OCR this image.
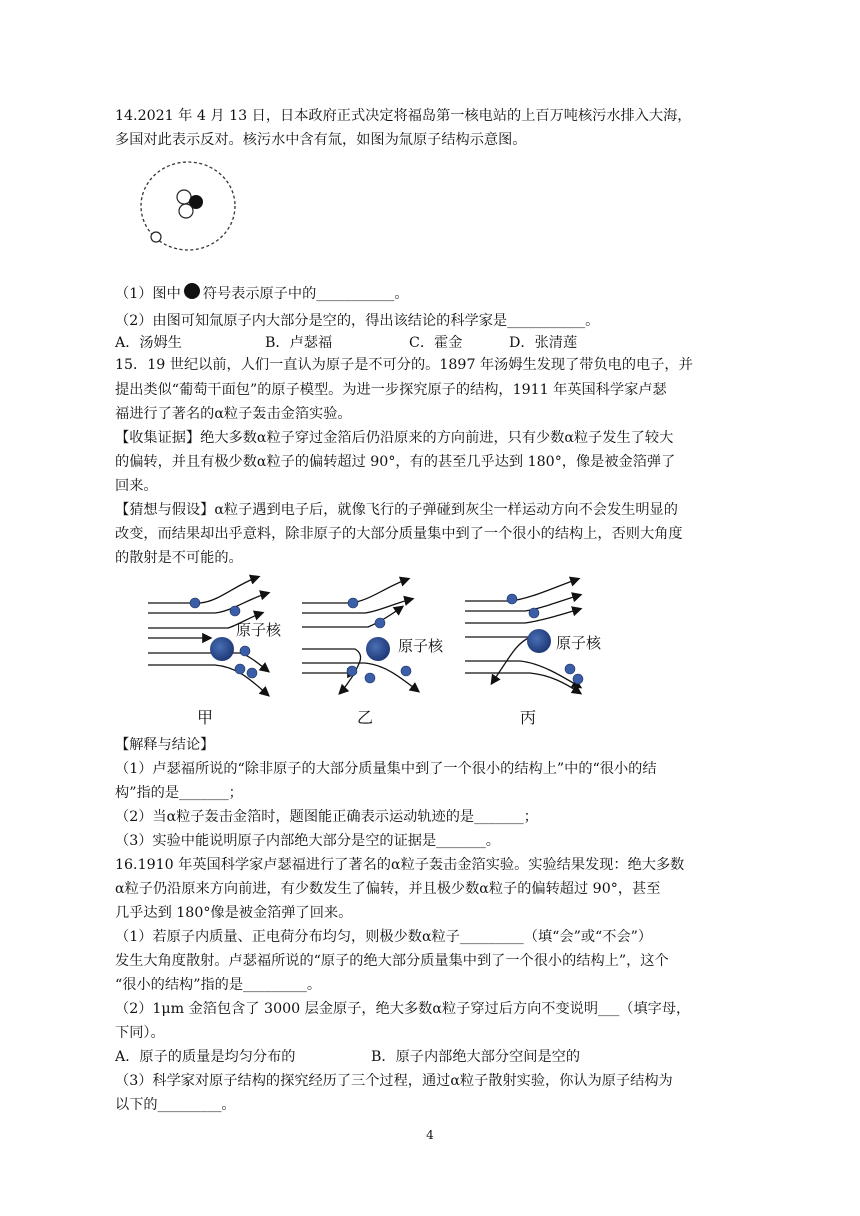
14.2021 年 4 月 13 日，日本政府正式决定将福岛第一核电站的上百万吨核污水排入大海，
多国对此表示反对。核污水中含有氚，如图为氚原子结构示意图。
（1）图中 符号表示原子中的___________。
（2）由图可知氚原子内大部分是空的，得出该结论的科学家是___________。
A．汤姆生	B．卢瑟福	C．霍金	D．张清莲
15．19 世纪以前，人们一直认为原子是不可分的。1897 年汤姆生发现了带负电的电子，并
提出类似“葡萄干面包”的原子模型。为进一步探究原子的结构，1911 年英国科学家卢瑟
福进行了著名的α粒子轰击金箔实验。
【收集证据】绝大多数α粒子穿过金箔后仍沿原来的方向前进，只有少数α粒子发生了较大
的偏转，并且有极少数α粒子的偏转超过 90°，有的甚至几乎达到 180°，像是被金箔弹了
回来。
【猜想与假设】α粒子遇到电子后，就像飞行的子弹碰到灰尘一样运动方向不会发生明显的
改变，而结果却出乎意料，除非原子的大部分质量集中到了一个很小的结构上，否则大角度
的散射是不可能的。
原子核
原子核	原子核
甲	乙	丙
【解释与结论】
（1）卢瑟福所说的“除非原子的大部分质量集中到了一个很小的结构上”中的“很小的结
构”指的是_______；
（2）当α粒子轰击金箔时，题图能正确表示运动轨迹的是_______；
（3）实验中能说明原子内部绝大部分是空的证据是_______。
16.1910 年英国科学家卢瑟福进行了著名的α粒子轰击金箔实验。实验结果发现：绝大多数
α粒子仍沿原来方向前进，有少数发生了偏转，并且极少数α粒子的偏转超过 90°，甚至
几乎达到 180°像是被金箔弹了回来。
（1）若原子内质量、正电荷分布均匀，则极少数α粒子_________（填“会”或“不会”）
发生大角度散射。卢瑟福所说的“原子的绝大部分质量集中到了一个很小的结构上”，这个
“很小的结构”指的是_________。
（2）1μm 金箔包含了 3000 层金原子，绝大多数α粒子穿过后方向不变说明___（填字母，
下同）。
A．原子的质量是均匀分布的	B．原子内部绝大部分空间是空的
（3）科学家对原子结构的探究经历了三个过程，通过α粒子散射实验，你认为原子结构为
以下的_________。
4
